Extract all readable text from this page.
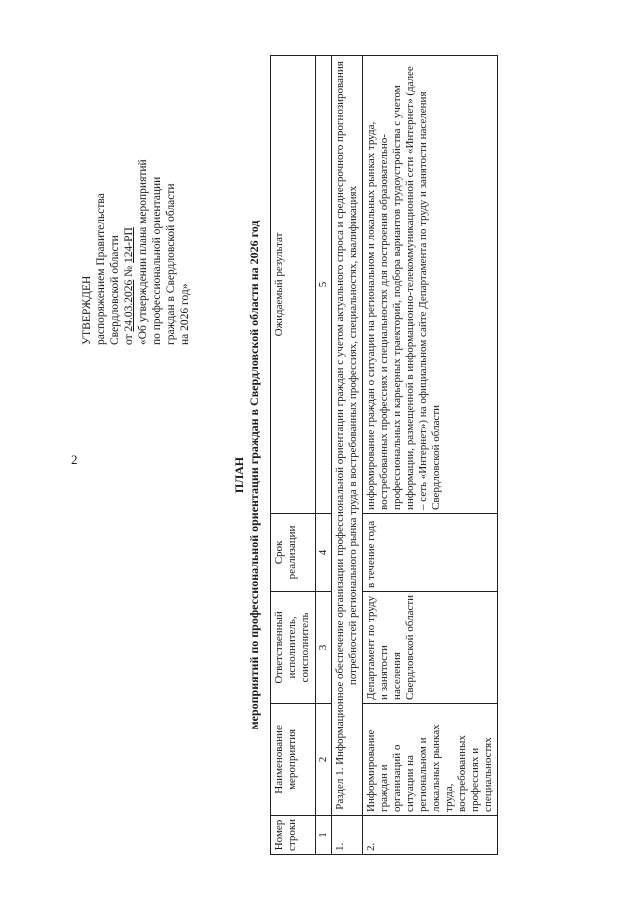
2
УТВЕРЖДЕН распоряжением Правительства Свердловской области от 24.03.2026 № 124-РП «Об утверждении плана мероприятий по профессиональной ориентации граждан в Свердловской области на 2026 год»
ПЛАН мероприятий по профессиональной ориентации граждан в Свердловской области на 2026 год
Номер строки	Наименование мероприятия	Ответственный исполнитель, соисполнитель	Срок реализации	Ожидаемый результат
1	2	3	4	5
1.	Раздел 1. Информационное обеспечение организации профессиональной ориентации граждан с учетом актуального спроса и среднесрочного прогнозирования потребностей регионального рынка труда в востребованных профессиях, специальностях, квалификациях			
2.	Информирование граждан и организаций о ситуации на региональном и локальных рынках труда, востребованных профессиях и специальностях	Департамент по труду и занятости населения Свердловской области	в течение года	информирование граждан о ситуации на региональном и локальных рынках труда, востребованных профессиях и специальностях для построения образовательно-профессиональных и карьерных траекторий, подбора вариантов трудоустройства с учетом информации, размещенной в информационно-телекоммуникационной сети «Интернет» (далее – сеть «Интернет») на официальном сайте Департамента по труду и занятости населения Свердловской области
